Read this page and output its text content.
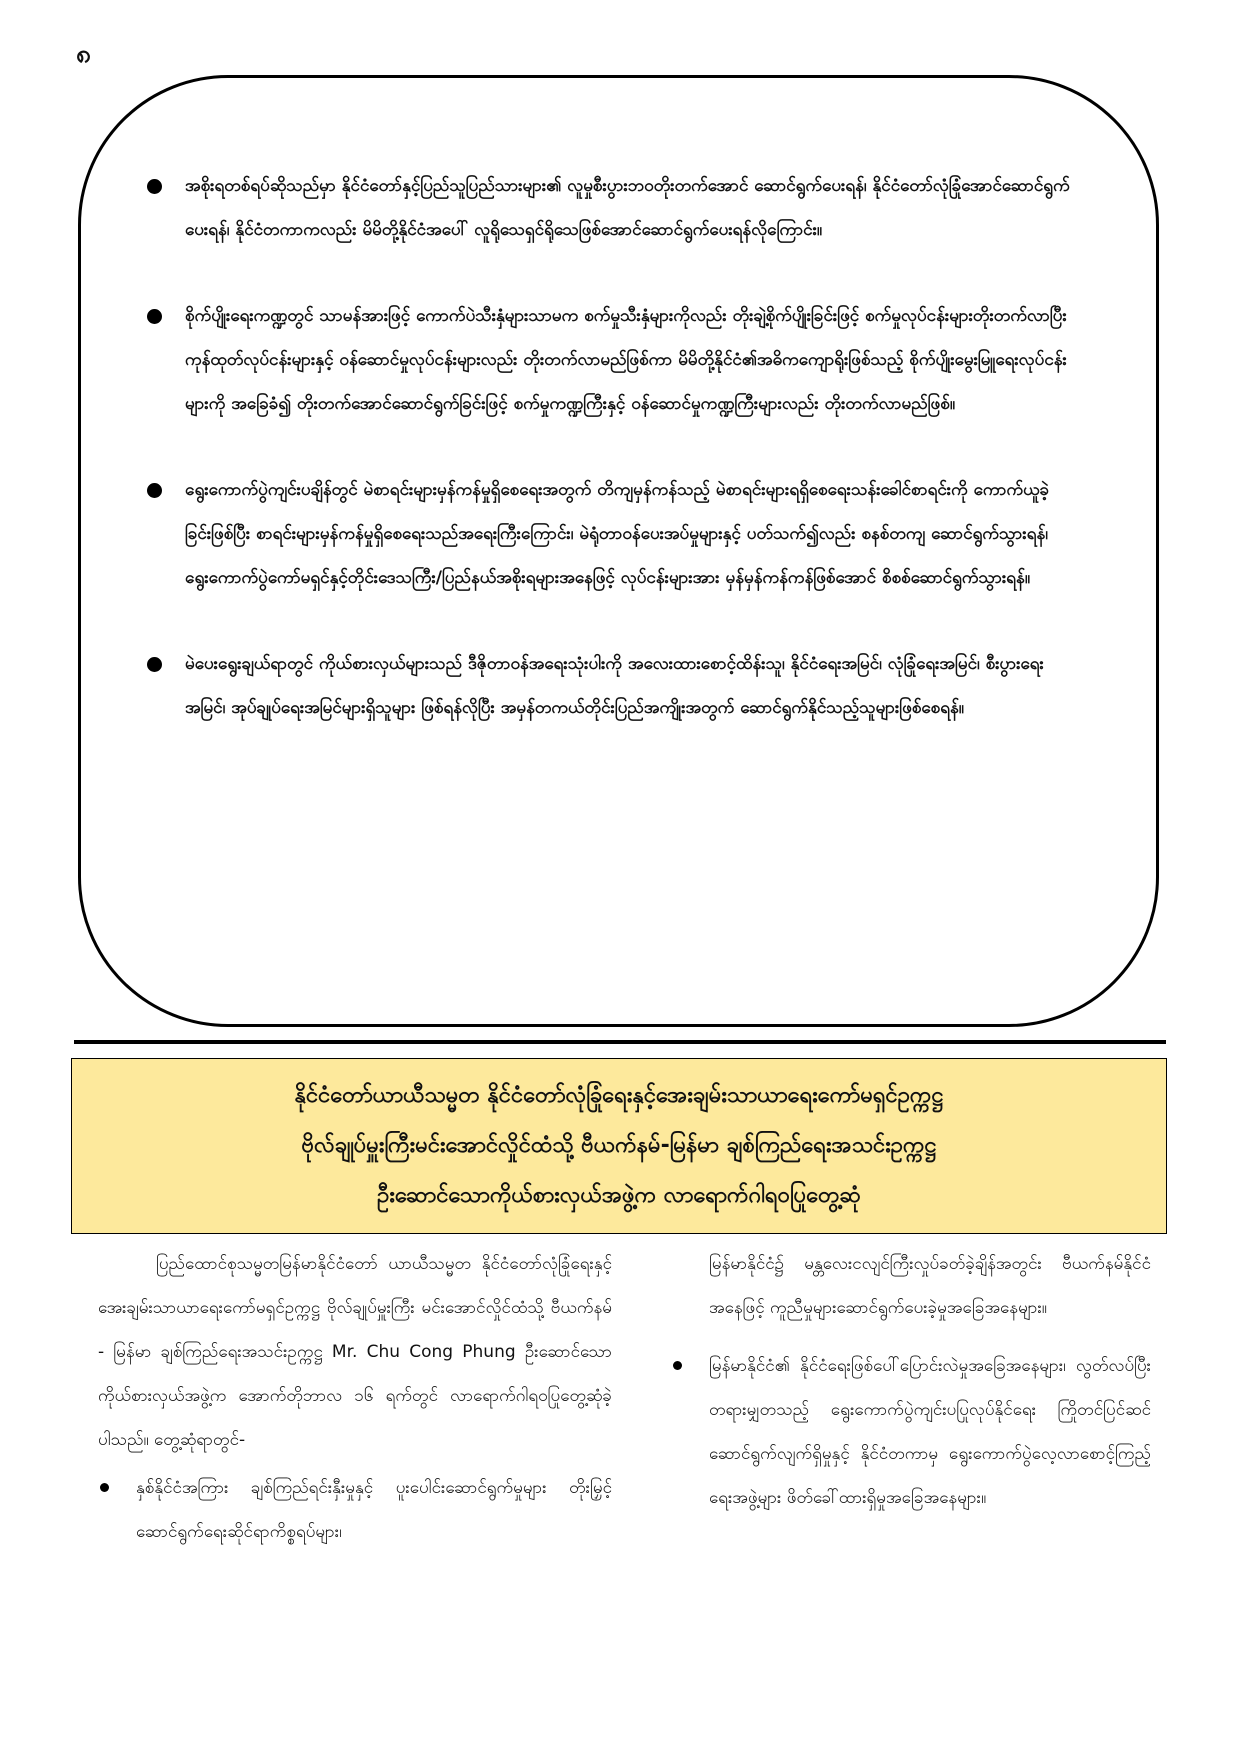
၈
အစိုးရတစ်ရပ်ဆိုသည်မှာ နိုင်ငံတော်နှင့်ပြည်သူပြည်သားများ၏ လူမှုစီးပွားဘဝတိုးတက်အောင် ဆောင်ရွက်ပေးရန်၊ နိုင်ငံတော်လုံခြုံအောင်ဆောင်ရွက်ပေးရန်၊ နိုင်ငံတကာကလည်း မိမိတို့နိုင်ငံအပေါ် လူရိုသေရှင်ရိုသေဖြစ်အောင်ဆောင်ရွက်ပေးရန်လိုကြောင်း။
စိုက်ပျိုးရေးကဏ္ဍတွင် သာမန်အားဖြင့် ကောက်ပဲသီးနှံများသာမက စက်မှုသီးနှံများကိုလည်း တိုးချဲ့စိုက်ပျိုးခြင်းဖြင့် စက်မှုလုပ်ငန်းများတိုးတက်လာပြီး ကုန်ထုတ်လုပ်ငန်းများနှင့် ဝန်ဆောင်မှုလုပ်ငန်းများလည်း တိုးတက်လာမည်ဖြစ်ကာ မိမိတို့နိုင်ငံ၏အဓိကကျောရိုးဖြစ်သည့် စိုက်ပျိုးမွေးမြူရေးလုပ်ငန်းများကို အခြေခံ၍ တိုးတက်အောင်ဆောင်ရွက်ခြင်းဖြင့် စက်မှုကဏ္ဍကြီးနှင့် ဝန်ဆောင်မှုကဏ္ဍကြီးများလည်း တိုးတက်လာမည်ဖြစ်။
ရွေးကောက်ပွဲကျင်းပချိန်တွင် မဲစာရင်းများမှန်ကန်မှုရှိစေရေးအတွက် တိကျမှန်ကန်သည့် မဲစာရင်းများရရှိစေရေးသန်းခေါင်စာရင်းကို ကောက်ယူခဲ့ခြင်းဖြစ်ပြီး စာရင်းများမှန်ကန်မှုရှိစေရေးသည်အရေးကြီးကြောင်း၊ မဲရုံတာဝန်ပေးအပ်မှုများနှင့် ပတ်သက်၍လည်း စနစ်တကျ ဆောင်ရွက်သွားရန်၊ ရွေးကောက်ပွဲကော်မရှင်နှင့်တိုင်းဒေသကြီး/ပြည်နယ်အစိုးရများအနေဖြင့် လုပ်ငန်းများအား မှန်မှန်ကန်ကန်ဖြစ်အောင် စိစစ်ဆောင်ရွက်သွားရန်။
မဲပေးရွေးချယ်ရာတွင် ကိုယ်စားလှယ်များသည် ဒီဇိုတာဝန်အရေးသုံးပါးကို အလေးထားစောင့်ထိန်းသူ၊ နိုင်ငံရေးအမြင်၊ လုံခြုံရေးအမြင်၊ စီးပွားရေးအမြင်၊ အုပ်ချုပ်ရေးအမြင်များရှိသူများ ဖြစ်ရန်လိုပြီး အမှန်တကယ်တိုင်းပြည်အကျိုးအတွက် ဆောင်ရွက်နိုင်သည့်သူများဖြစ်စေရန်။
နိုင်ငံတော်ယာယီသမ္မတ နိုင်ငံတော်လုံခြုံရေးနှင့်အေးချမ်းသာယာရေးကော်မရှင်ဥက္ကဋ္ဌ
ဗိုလ်ချုပ်မှူးကြီးမင်းအောင်လှိုင်ထံသို့ ဗီယက်နမ်-မြန်မာ ချစ်ကြည်ရေးအသင်းဥက္ကဋ္ဌ
ဦးဆောင်သောကိုယ်စားလှယ်အဖွဲ့က လာရောက်ဂါရဝပြုတွေ့ဆုံ
ပြည်ထောင်စုသမ္မတမြန်မာနိုင်ငံတော် ယာယီသမ္မတ နိုင်ငံတော်လုံခြုံရေးနှင့် အေးချမ်းသာယာရေးကော်မရှင်ဥက္ကဋ္ဌ ဗိုလ်ချုပ်မှူးကြီး မင်းအောင်လှိုင်ထံသို့ ဗီယက်နမ် - မြန်မာ ချစ်ကြည်ရေးအသင်းဥက္ကဋ္ဌ Mr. Chu Cong Phung ဦးဆောင်သောကိုယ်စားလှယ်အဖွဲ့က အောက်တိုဘာလ ၁၆ ရက်တွင် လာရောက်ဂါရဝပြုတွေ့ဆုံခဲ့ပါသည်။ တွေ့ဆုံရာတွင်-
နှစ်နိုင်ငံအကြား ချစ်ကြည်ရင်းနှီးမှုနှင့် ပူးပေါင်းဆောင်ရွက်မှုများ တိုးမြှင့်ဆောင်ရွက်ရေးဆိုင်ရာကိစ္စရပ်များ၊
မြန်မာနိုင်ငံ၌ မန္တလေးငလျင်ကြီးလှုပ်ခတ်ခဲ့ချိန်အတွင်း ဗီယက်နမ်နိုင်ငံအနေဖြင့် ကူညီမှုများဆောင်ရွက်ပေးခဲ့မှုအခြေအနေများ။
မြန်မာနိုင်ငံ၏ နိုင်ငံရေးဖြစ်ပေါ်ပြောင်းလဲမှုအခြေအနေများ၊ လွတ်လပ်ပြီးတရားမျှတသည့် ရွေးကောက်ပွဲကျင်းပပြုလုပ်နိုင်ရေး ကြိုတင်ပြင်ဆင်ဆောင်ရွက်လျက်ရှိမှုနှင့် နိုင်ငံတကာမှ ရွေးကောက်ပွဲလေ့လာစောင့်ကြည့်ရေးအဖွဲ့များ ဖိတ်ခေါ်ထားရှိမှုအခြေအနေများ။
